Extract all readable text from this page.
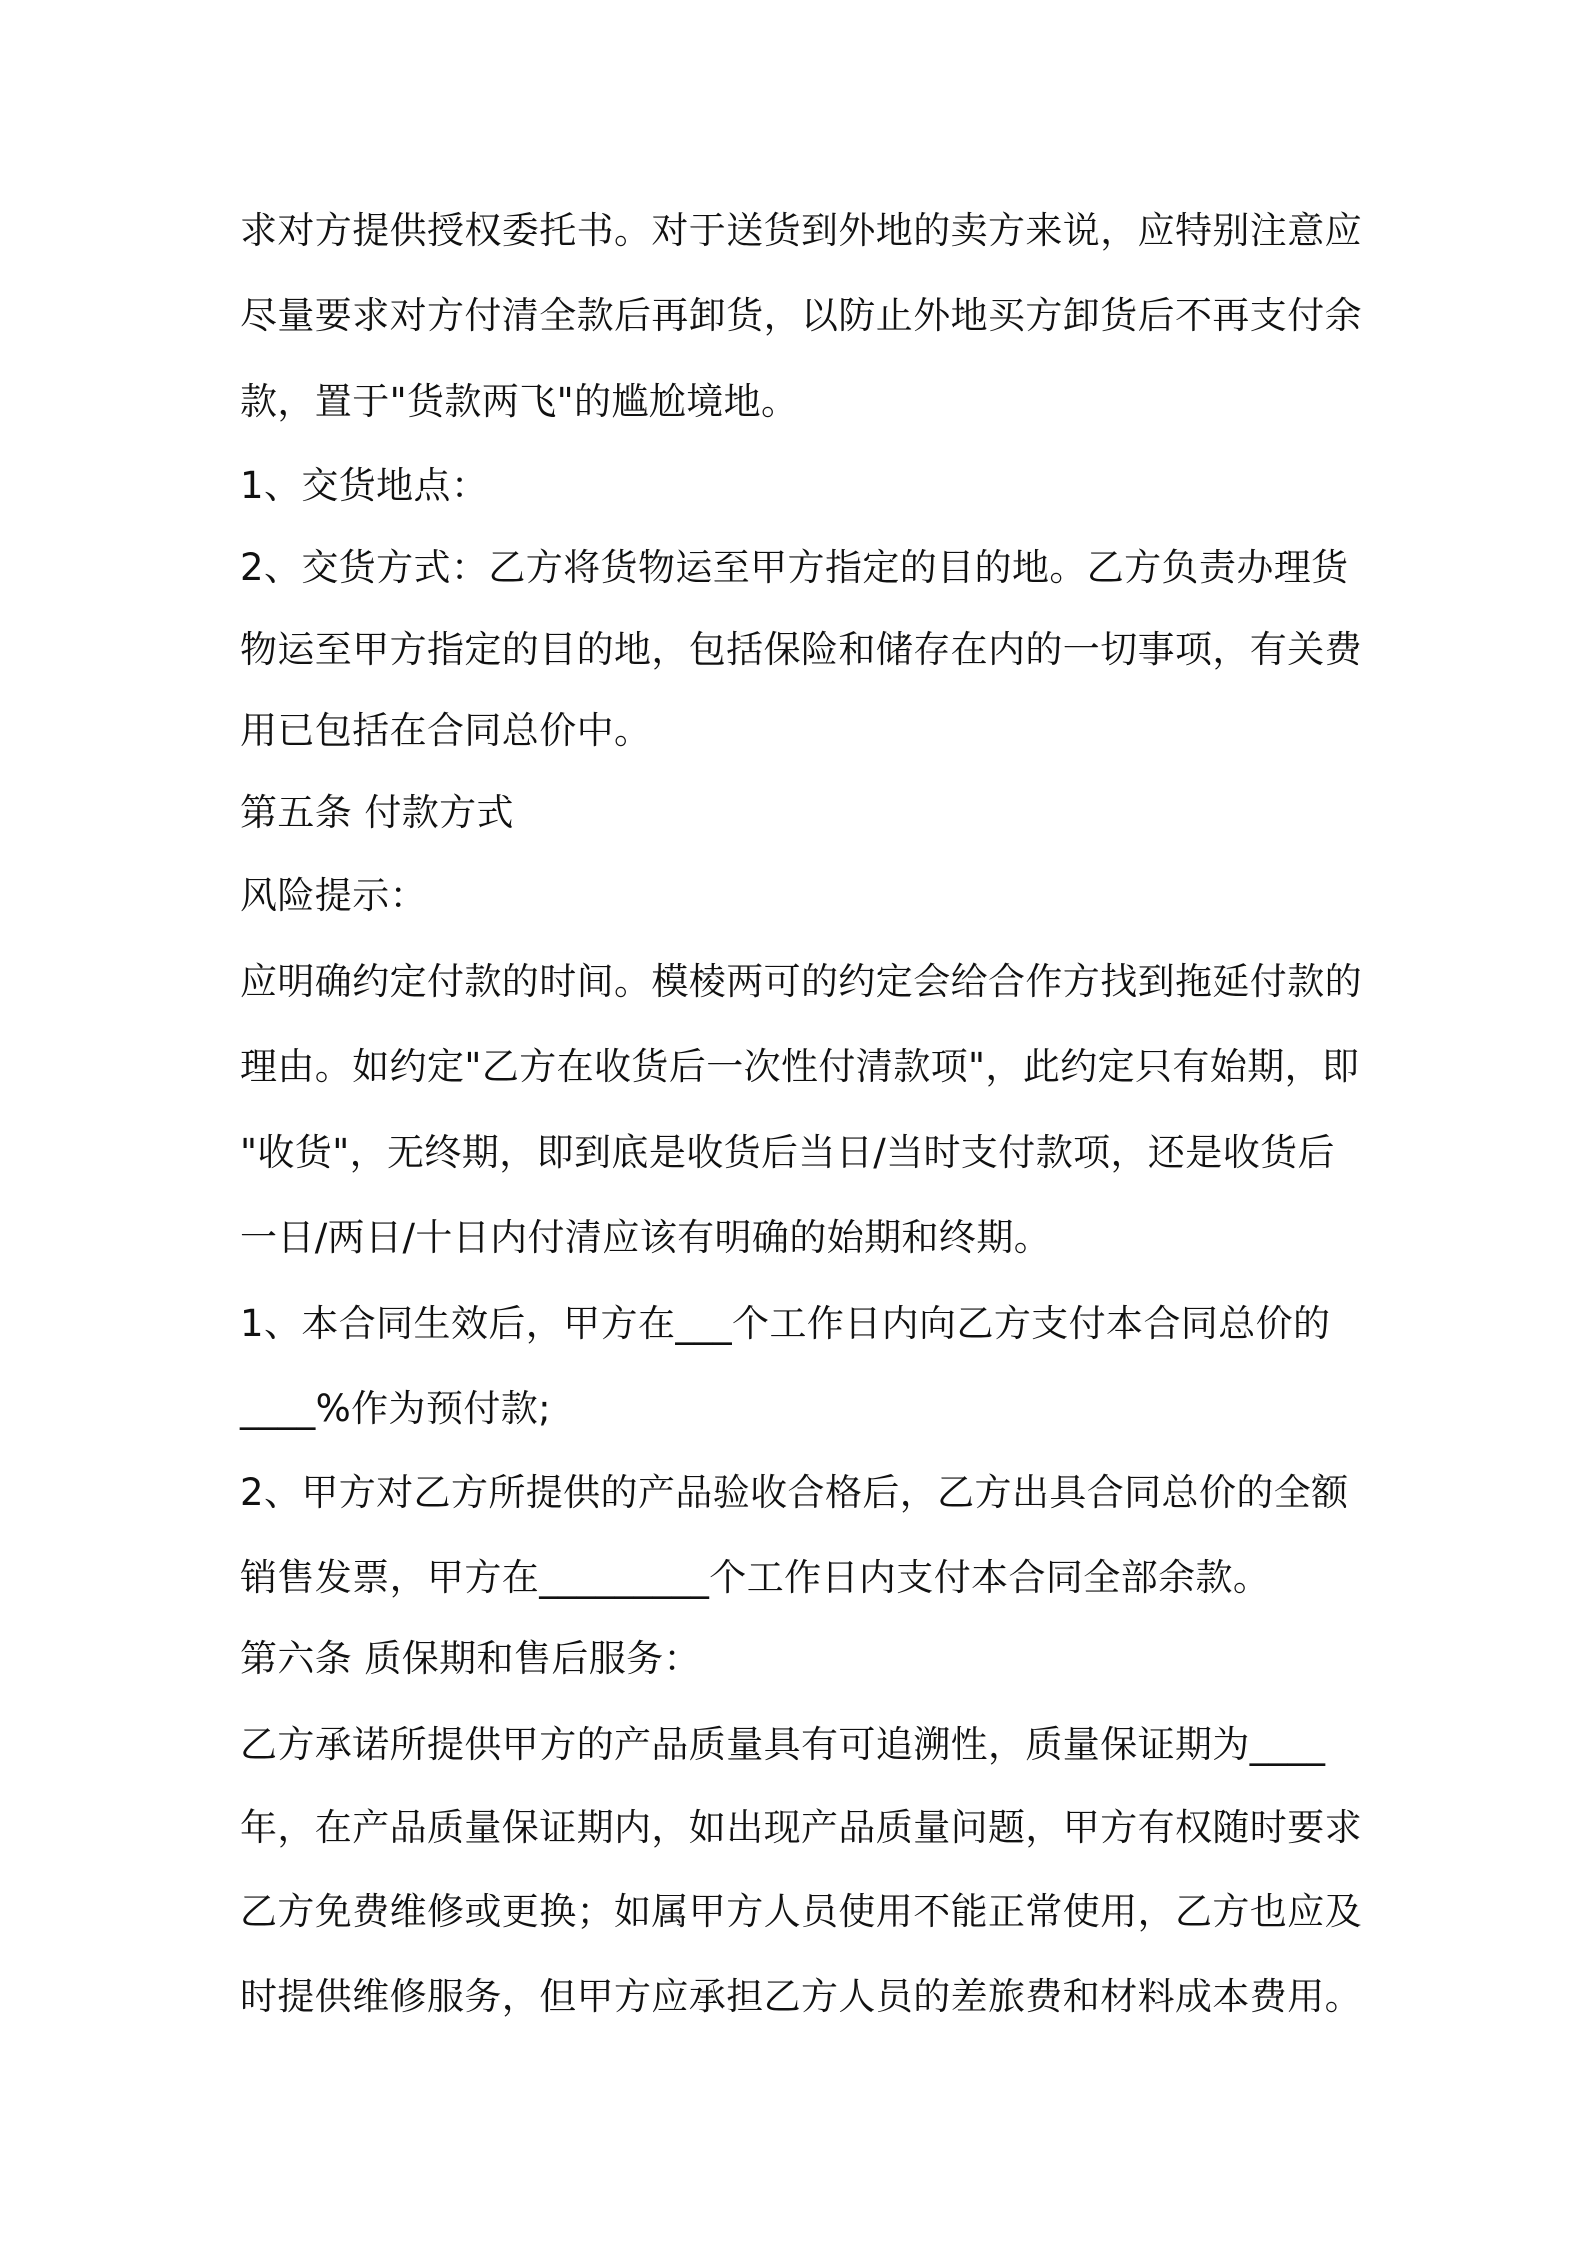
求对方提供授权委托书。对于送货到外地的卖方来说，应特别注意应
尽量要求对方付清全款后再卸货，以防止外地买方卸货后不再支付余
款，置于"货款两飞"的尴尬境地。
1、交货地点：
2、交货方式：乙方将货物运至甲方指定的目的地。乙方负责办理货
物运至甲方指定的目的地，包括保险和储存在内的一切事项，有关费
用已包括在合同总价中。
第五条 付款方式
风险提示：
应明确约定付款的时间。模棱两可的约定会给合作方找到拖延付款的
理由。如约定"乙方在收货后一次性付清款项"，此约定只有始期，即
"收货"，无终期，即到底是收货后当日/当时支付款项，还是收货后
一日/两日/十日内付清应该有明确的始期和终期。
1、本合同生效后，甲方在___个工作日内向乙方支付本合同总价的
____%作为预付款;
2、甲方对乙方所提供的产品验收合格后，乙方出具合同总价的全额
销售发票，甲方在_________个工作日内支付本合同全部余款。
第六条 质保期和售后服务：
乙方承诺所提供甲方的产品质量具有可追溯性，质量保证期为____
年，在产品质量保证期内，如出现产品质量问题，甲方有权随时要求
乙方免费维修或更换；如属甲方人员使用不能正常使用，乙方也应及
时提供维修服务，但甲方应承担乙方人员的差旅费和材料成本费用。
